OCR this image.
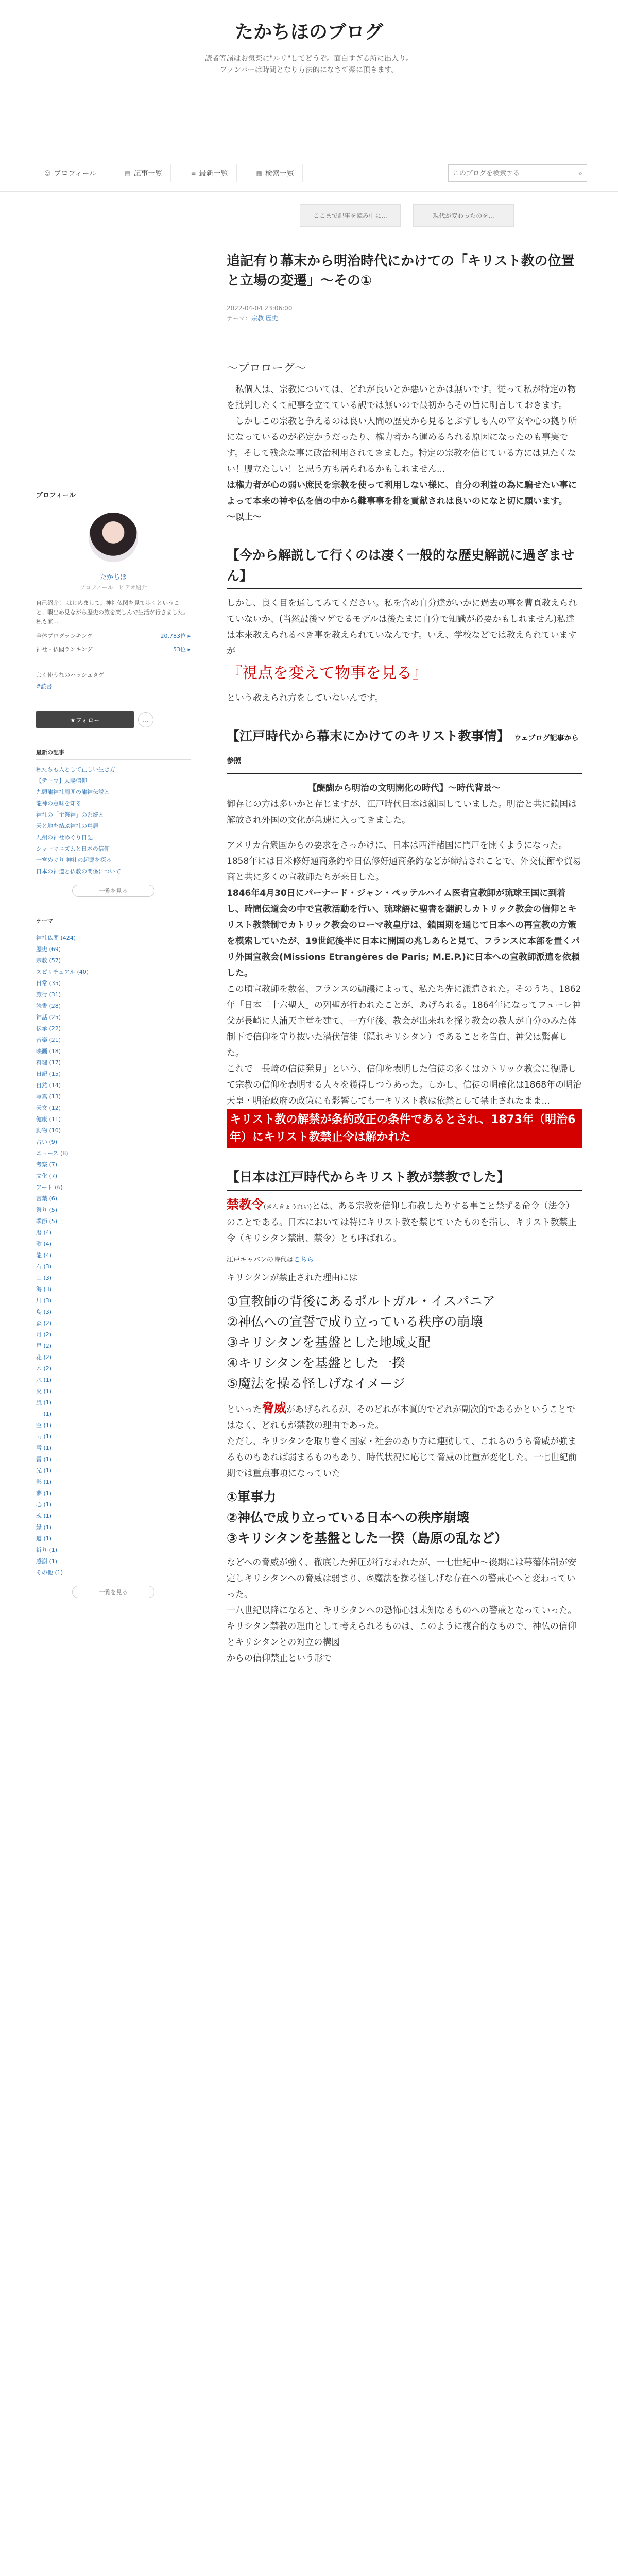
たかちほのブログ
読者等諸はお気楽に"ルリ"してどうぞ。面白すぎる所に出入り。
ファンバーは時間となり方法的になさて楽に頂きます。
☺ プロフィール	▤ 記事一覧	≡ 最新一覧	▦ 検索一覧
このブログを検索する	⌕
ここまで記事を読み中に...	現代が変わったのを...
プロフィール
たかちほ
プロフィール　ビデオ紹介
自己紹介！ はじめまして。神社仏閣を見て歩くということ、暇出め見ながら歴史の旅を楽しんで生活が行きました。私も家...
全体ブログランキング	20,783位 ▸
神社・仏閣ランキング	53位 ▸
よく使うなのハッシュタグ
#読書
★フォロー	…
最新の記事
私たちも人として正しい生き方
【テーマ】太陽信仰
九頭龍神社周囲の龍神伝説と
龍神の意味を知る
神社の「主祭神」の系統と
天と地を結ぶ神社の鳥居
九州の神社めぐり日記
シャーマニズムと日本の信仰
一宮めぐり 神社の起源を探る
日本の神道と仏教の関係について
一覧を見る
テーマ
神社仏閣 (424)
歴史 (69)
宗教 (57)
スピリチュアル (40)
日常 (35)
旅行 (31)
読書 (28)
神話 (25)
伝承 (22)
音楽 (21)
映画 (18)
料理 (17)
日記 (15)
自然 (14)
写真 (13)
天文 (12)
健康 (11)
動物 (10)
占い (9)
ニュース (8)
考察 (7)
文化 (7)
アート (6)
言葉 (6)
祭り (5)
季節 (5)
暦 (4)
歌 (4)
龍 (4)
石 (3)
山 (3)
海 (3)
川 (3)
島 (3)
森 (2)
月 (2)
星 (2)
花 (2)
木 (2)
水 (1)
火 (1)
風 (1)
土 (1)
空 (1)
雨 (1)
雪 (1)
雷 (1)
光 (1)
影 (1)
夢 (1)
心 (1)
魂 (1)
縁 (1)
道 (1)
祈り (1)
感謝 (1)
その他 (1)
一覧を見る
追記有り幕末から明治時代にかけての「キリスト教の位置と立場の変遷」〜その①
2022-04-04 23:06:00
テーマ：宗教 歴史
〜プロローグ〜

　私個人は、宗教については、どれが良いとか悪いとかは無いです。従って私が特定の物を批判したくて記事を立てている訳では無いので最初からその旨に明言しておきます。

　しかしこの宗教と争えるのは良い人間の歴史から見るとぶずしも人の平安や心の拠り所になっているのが必定かうだったり、権力者から運めるられる原因になったのも事実です。そして残念な事に政治利用されてきました。特定の宗教を信じている方には見たくない！腹立たしい！と思う方も居られるかもしれません...

は権力者が心の弱い庶民を宗教を使って利用しない様に、自分の利益の為に騙せたい事によって本来の神や仏を信の中から難事事を排を貢献されは良いのになと切に願います。

〜以上〜

【今から解説して行くのは凄く一般的な歴史解説に過ぎません】

しかし、良く目を通してみてください。私を含め自分達がいかに過去の事を曹頁教えられていないか、(当然最後マゲでるモデルは後たまに自分で知識が必要かもしれません)私達は本来教えられるべき事を教えられていなんです。いえ、学校などでは教えられていますが

『視点を変えて物事を見る』

という教えられ方をしていないんです。

【江戸時代から幕末にかけてのキリスト教事情】 ウェブログ記事から参照

【醍醐から明治の文明開化の時代】〜時代背景〜

御存じの方は多いかと存じますが、江戸時代日本は鎖国していました。明治と共に鎖国は解放され外国の文化が急速に入ってきました。

アメリカ合衆国からの要求をさっかけに、日本は西洋諸国に門戸を開くようになった。1858年には日米修好通商条約や日仏修好通商条約などが締結されことで、外交使節や貿易商と共に多くの宣教師たちが来日した。

1846年4月30日にパーナード・ジャン・ペッテルハイム医者宣教師が琉球王国に到着し、時間伝道会の中で宣教活動を行い、琉球語に聖書を翻訳しカトリック教会の信仰とキリスト教禁制でカトリック教会のローマ教皇庁は、鎖国期を通じて日本への再宣教の方策を模索していたが、19世紀後半に日本に開国の兆しあらと見て、フランスに本部を置くパリ外国宣教会(Missions Etrangères de Paris; M.E.P.)に日本への宣教師派遣を依頼した。

この頃宣教師を数名、フランスの動議によって、私たち先に派遣された。そのうち、1862年「日本二十六聖人」の列聖が行われたことが、あげられる。1864年になってフューレ神父が長崎に大浦天主堂を建て、一方年後、教会が出来れを探り教会の教人が自分のみた体制下で信仰を守り抜いた潜伏信徒（隠れキリシタン）であることを告白、神父は驚喜した。

これで「長崎の信徒発見」という、信仰を表明した信徒の多くはカトリック教会に復帰して宗教の信仰を表明する人々を獲得しつうあった。しかし、信徒の明確化は1868年の明治天皇・明治政府の政策にも影響しても一キリスト教は依然として禁止されたまま...

キリスト教の解禁が条約改正の条件であるとされ、1873年（明治6年）にキリスト教禁止令は解かれた
【日本は江戸時代からキリスト教が禁教でした】

禁教令(きんきょうれい)とは、ある宗教を信仰し布教したりする事こと禁ずる命令（法令）のことである。日本においては特にキリスト教を禁じていたものを指し、キリスト教禁止令（キリシタン禁制、禁令）とも呼ばれる。

江戸キャバンの時代はこちら

キリシタンが禁止された理由には

①宣教師の背後にあるポルトガル・イスパニア
②神仏への宣誓で成り立っている秩序の崩壊
③キリシタンを基盤とした地域支配
④キリシタンを基盤とした一揆
⑤魔法を操る怪しげなイメージ

といった脅威があげられるが、そのどれが本質的でどれが副次的であるかということではなく、どれもが禁教の理由であった。

ただし、キリシタンを取り巻く国家・社会のあり方に連動して、これらのうち脅威が強まるものもあれば弱まるものもあり、時代状況に応じて脅威の比重が変化した。一七世紀前期では重点事項になっていた

①軍事力
②神仏で成り立っている日本への秩序崩壊
③キリシタンを基盤とした一揆（島原の乱など）

などへの脅威が強く、徹底した弾圧が行なわれたが、一七世紀中～後期には幕藩体制が安定しキリシタンへの脅威は弱まり、⑤魔法を操る怪しげな存在への警戒心へと変わっていった。

一八世紀以降になると、キリシタンへの恐怖心は未知なるものへの警戒となっていった。キリシタン禁教の理由として考えられるものは、このように複合的なもので、神仏の信仰とキリシタンとの対立の構図

からの信仰禁止という形で
